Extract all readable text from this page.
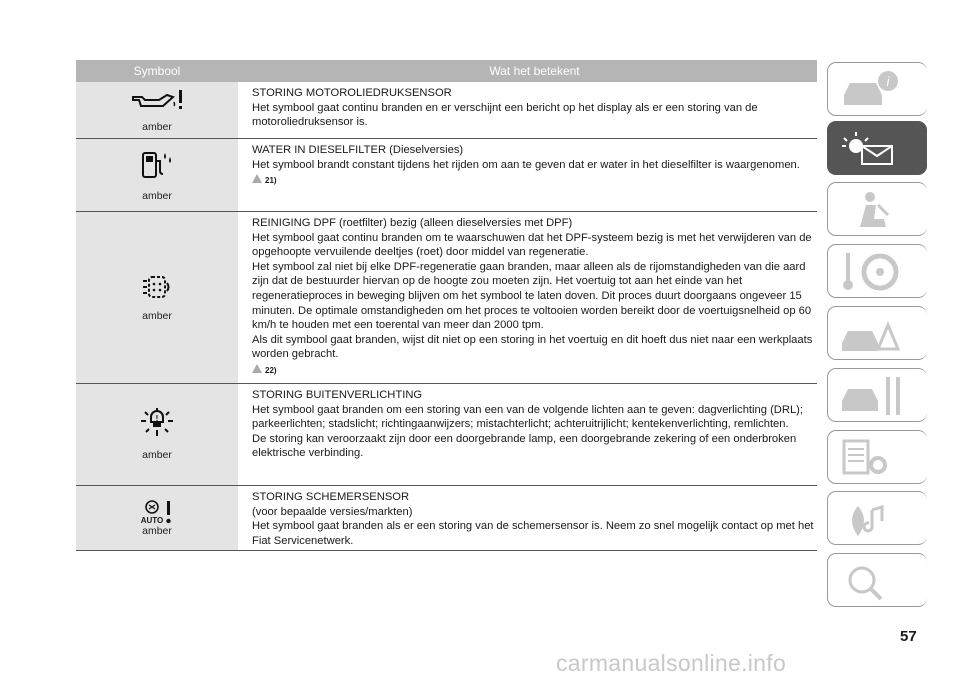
Symbool	Wat het betekent
amber

STORING MOTOROLIEDRUKSENSOR

Het symbool gaat continu branden en er verschijnt een bericht op het display als er een storing van de motoroliedruksensor is.

amber

WATER IN DIESELFILTER (Dieselversies)

Het symbool brandt constant tijdens het rijden om aan te geven dat er water in het dieselfilter is waargenomen.

21)
amber

REINIGING DPF (roetfilter) bezig (alleen dieselversies met DPF)

Het symbool gaat continu branden om te waarschuwen dat het DPF-systeem bezig is met het verwijderen van de opgehoopte vervuilende deeltjes (roet) door middel van regeneratie.

Het symbool zal niet bij elke DPF-regeneratie gaan branden, maar alleen als de rijomstandigheden van die aard zijn dat de bestuurder hiervan op de hoogte zou moeten zijn. Het voertuig tot aan het einde van het regeneratieproces in beweging blijven om het symbool te laten doven. Dit proces duurt doorgaans ongeveer 15 minuten. De optimale omstandigheden om het proces te voltooien worden bereikt door de voertuigsnelheid op 60 km/h te houden met een toerental van meer dan 2000 tpm.

Als dit symbool gaat branden, wijst dit niet op een storing in het voertuig en dit hoeft dus niet naar een werkplaats worden gebracht.

22)
!
amber

STORING BUITENVERLICHTING

Het symbool gaat branden om een storing van een van de volgende lichten aan te geven: dagverlichting (DRL); parkeerlichten; stadslicht; richtingaanwijzers; mistachterlicht; achteruitrijlicht; kentekenverlichting, remlichten.

De storing kan veroorzaakt zijn door een doorgebrande lamp, een doorgebrande zekering of een onderbroken elektrische verbinding.

AUTO
amber

STORING SCHEMERSENSOR

(voor bepaalde versies/markten)

Het symbool gaat branden als er een storing van de schemersensor is. Neem zo snel mogelijk contact op met het Fiat Servicenetwerk.

i
57
carmanualsonline.info
